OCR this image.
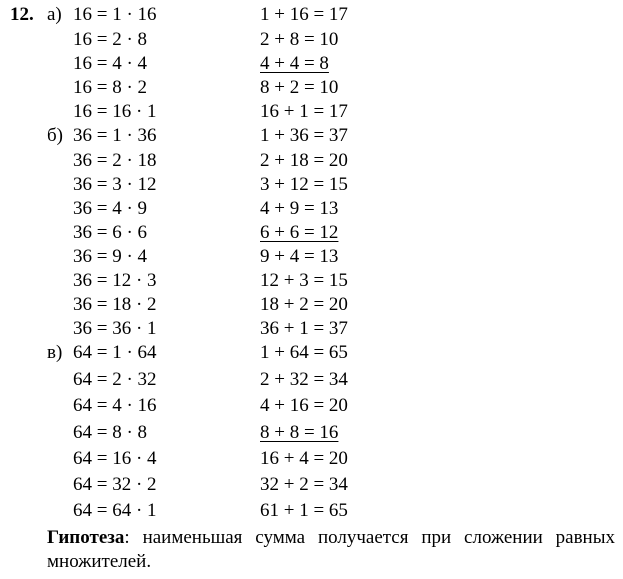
12. а) 16 = 1 · 16	1 + 16 = 17
16 = 2 · 8	2 + 8 = 10
16 = 4 · 4	4 + 4 = 8
16 = 8 · 2	8 + 2 = 10
16 = 16 · 1	16 + 1 = 17
б) 36 = 1 · 36	1 + 36 = 37
36 = 2 · 18	2 + 18 = 20
36 = 3 · 12	3 + 12 = 15
36 = 4 · 9	4 + 9 = 13
36 = 6 · 6	6 + 6 = 12
36 = 9 · 4	9 + 4 = 13
36 = 12 · 3	12 + 3 = 15
36 = 18 · 2	18 + 2 = 20
36 = 36 · 1	36 + 1 = 37
в) 64 = 1 · 64	1 + 64 = 65
64 = 2 · 32	2 + 32 = 34
64 = 4 · 16	4 + 16 = 20
64 = 8 · 8	8 + 8 = 16
64 = 16 · 4	16 + 4 = 20
64 = 32 · 2	32 + 2 = 34
64 = 64 · 1	61 + 1 = 65
Гипотеза: наименьшая сумма получается при сложении равных множителей.
